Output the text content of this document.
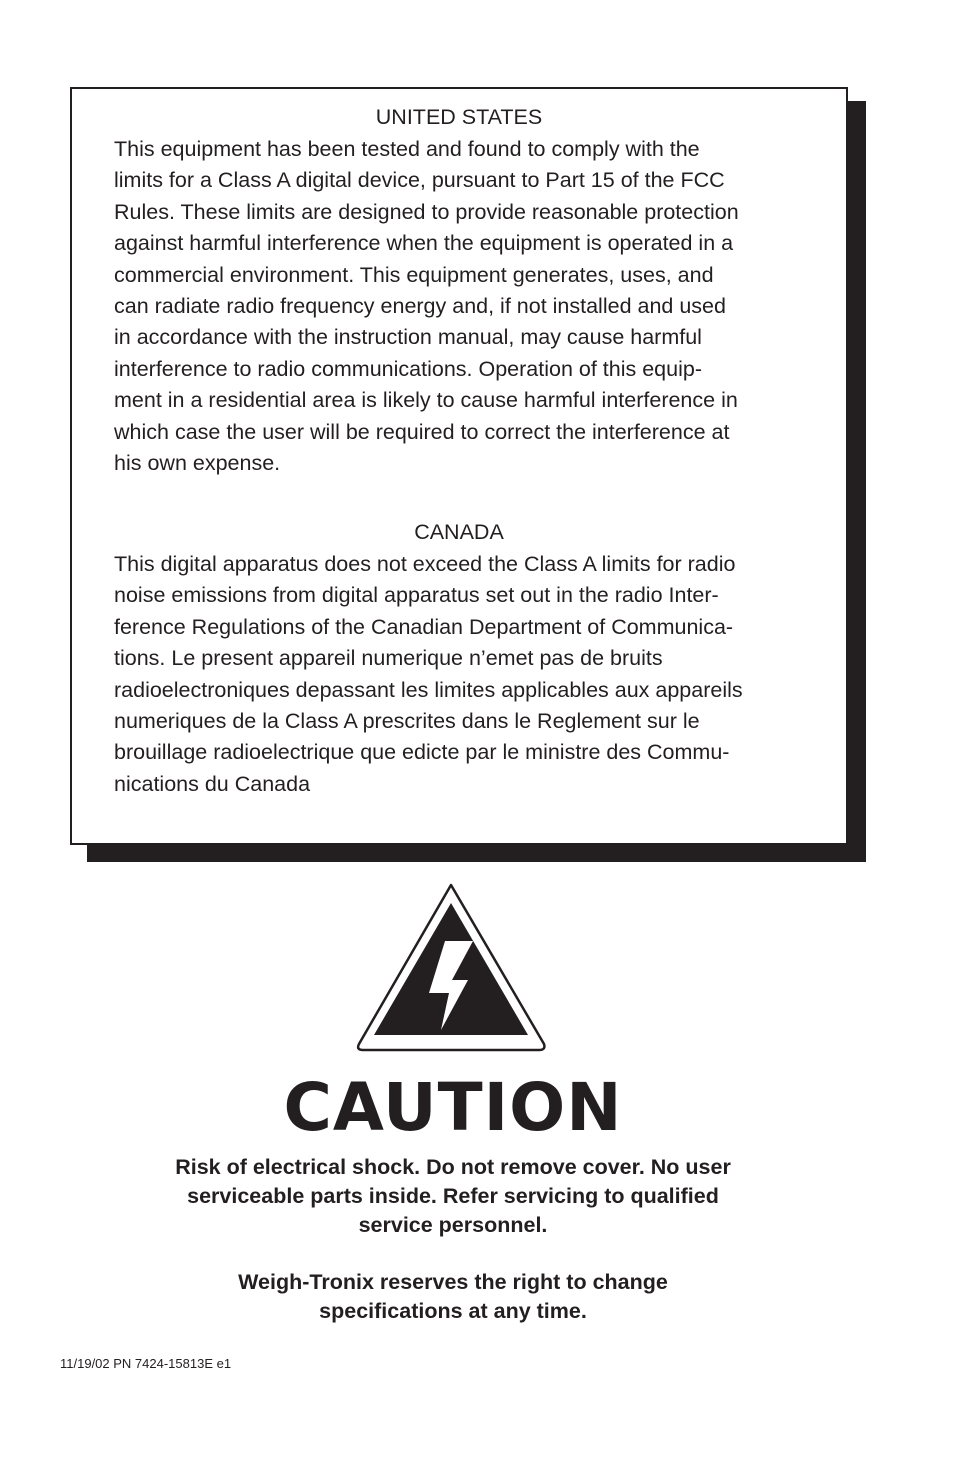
UNITED STATES
This equipment has been tested and found to comply with the
limits for a Class A digital device, pursuant to Part 15 of the FCC
Rules. These limits are designed to provide reasonable protection
against harmful interference when the equipment is operated in a
commercial environment. This equipment generates, uses, and
can radiate radio frequency energy and, if not installed and used
in accordance with the instruction manual, may cause harmful
interference to radio communications. Operation of this equip-
ment in a residential area is likely to cause harmful interference in
which case the user will be required to correct the interference at
his own expense.
CANADA
This digital apparatus does not exceed the Class A limits for radio
noise emissions from digital apparatus set out in the radio Inter-
ference Regulations of the Canadian Department of Communica-
tions. Le present appareil numerique n’emet pas de bruits
radioelectroniques depassant les limites applicables aux appareils
numeriques de la Class A prescrites dans le Reglement sur le
brouillage radioelectrique que edicte par le ministre des Commu-
nications du Canada
CAUTION
Risk of electrical shock. Do not remove cover. No user
serviceable parts inside. Refer servicing to qualified
service personnel.
Weigh-Tronix reserves the right to change
specifications at any time.
11/19/02 PN 7424-15813E e1
